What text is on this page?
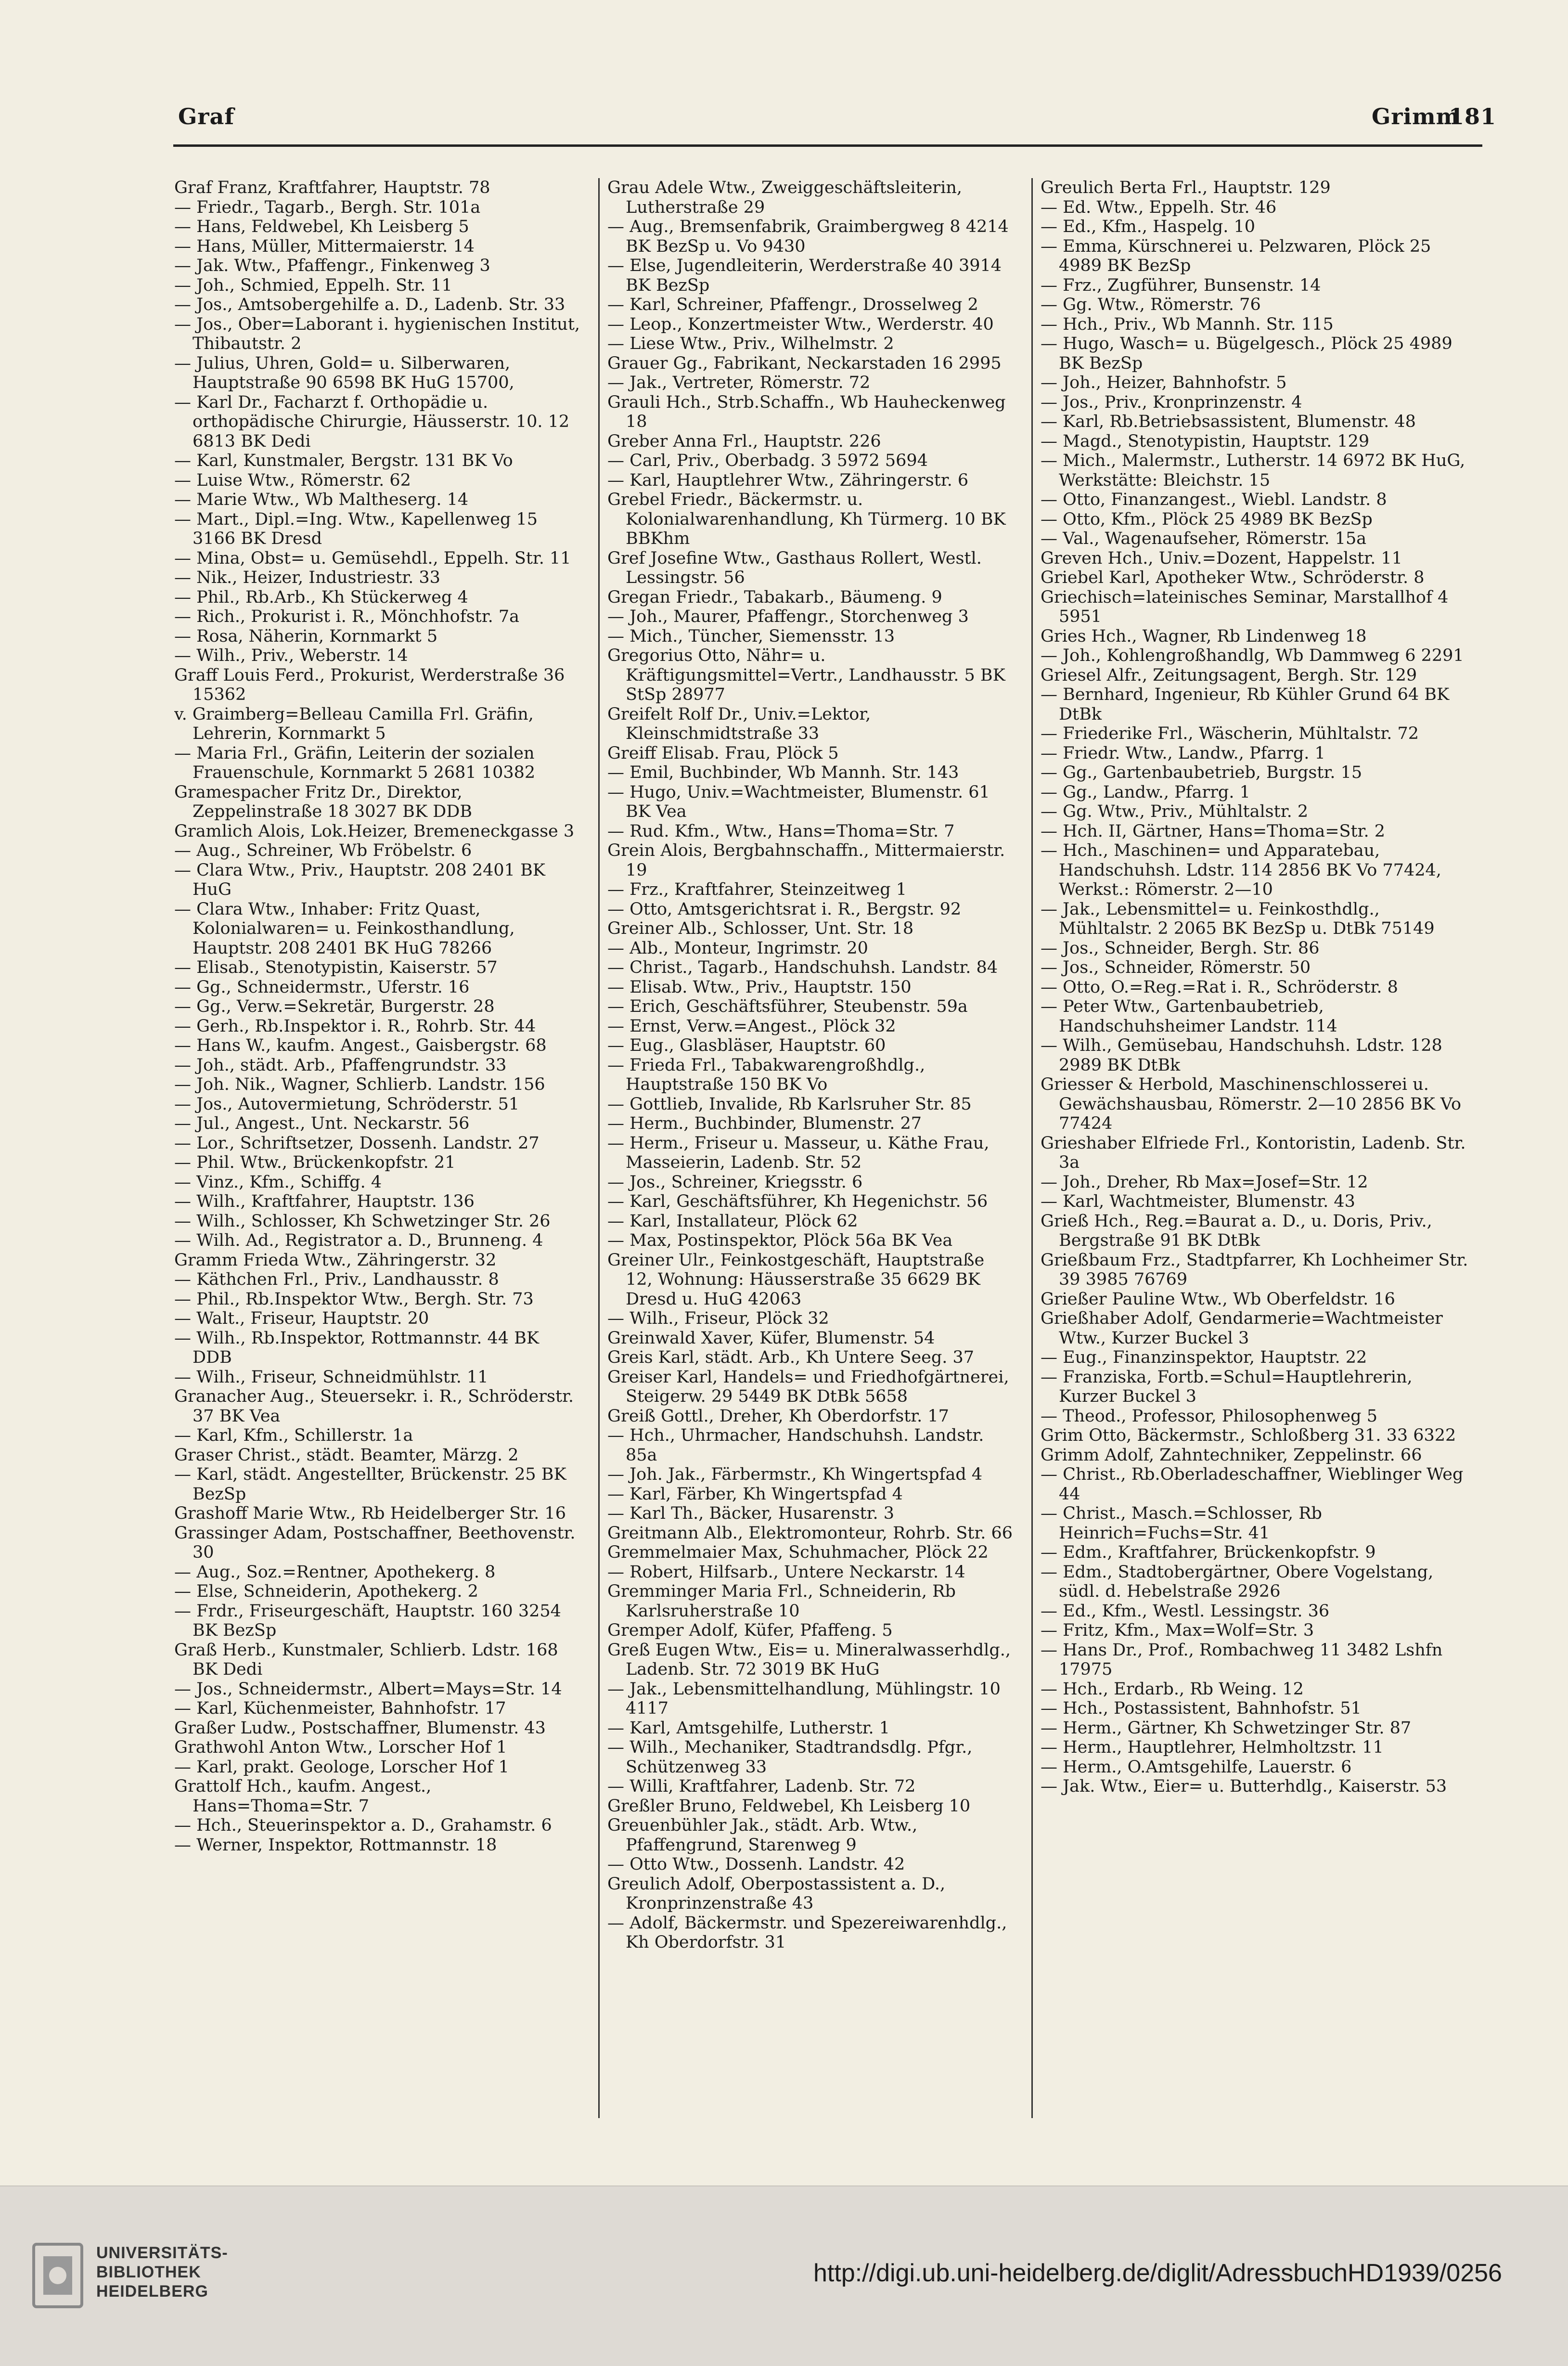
Graf	Grimm
181

Graf Franz, Kraftfahrer, Hauptstr. 78

— Friedr., Tagarb., Bergh. Str. 101a

— Hans, Feldwebel, Kh Leisberg 5

— Hans, Müller, Mittermaierstr. 14

— Jak. Wtw., Pfaffengr., Finkenweg 3

— Joh., Schmied, Eppelh. Str. 11

— Jos., Amtsobergehilfe a. D., Ladenb. Str. 33

— Jos., Ober=Laborant i. hygienischen Institut, Thibautstr. 2

— Julius, Uhren, Gold= u. Silberwaren, Hauptstraße 90 6598 BK HuG 15700,

— Karl Dr., Facharzt f. Orthopädie u. orthopädische Chirurgie, Häusserstr. 10. 12 6813 BK Dedi

— Karl, Kunstmaler, Bergstr. 131 BK Vo

— Luise Wtw., Römerstr. 62

— Marie Wtw., Wb Maltheserg. 14

— Mart., Dipl.=Ing. Wtw., Kapellenweg 15 3166 BK Dresd

— Mina, Obst= u. Gemüsehdl., Eppelh. Str. 11

— Nik., Heizer, Industriestr. 33

— Phil., Rb.Arb., Kh Stückerweg 4

— Rich., Prokurist i. R., Mönchhofstr. 7a

— Rosa, Näherin, Kornmarkt 5

— Wilh., Priv., Weberstr. 14

Graff Louis Ferd., Prokurist, Werderstraße 36 15362

v. Graimberg=Belleau Camilla Frl. Gräfin, Lehrerin, Kornmarkt 5

— Maria Frl., Gräfin, Leiterin der sozialen Frauenschule, Kornmarkt 5 2681 10382

Gramespacher Fritz Dr., Direktor, Zeppelinstraße 18 3027 BK DDB

Gramlich Alois, Lok.Heizer, Bremeneckgasse 3

— Aug., Schreiner, Wb Fröbelstr. 6

— Clara Wtw., Priv., Hauptstr. 208 2401 BK HuG

— Clara Wtw., Inhaber: Fritz Quast, Kolonialwaren= u. Feinkosthandlung, Hauptstr. 208 2401 BK HuG 78266

— Elisab., Stenotypistin, Kaiserstr. 57

— Gg., Schneidermstr., Uferstr. 16

— Gg., Verw.=Sekretär, Burgerstr. 28

— Gerh., Rb.Inspektor i. R., Rohrb. Str. 44

— Hans W., kaufm. Angest., Gaisbergstr. 68

— Joh., städt. Arb., Pfaffengrundstr. 33

— Joh. Nik., Wagner, Schlierb. Landstr. 156

— Jos., Autovermietung, Schröderstr. 51

— Jul., Angest., Unt. Neckarstr. 56

— Lor., Schriftsetzer, Dossenh. Landstr. 27

— Phil. Wtw., Brückenkopfstr. 21

— Vinz., Kfm., Schiffg. 4

— Wilh., Kraftfahrer, Hauptstr. 136

— Wilh., Schlosser, Kh Schwetzinger Str. 26

— Wilh. Ad., Registrator a. D., Brunneng. 4

Gramm Frieda Wtw., Zähringerstr. 32

— Käthchen Frl., Priv., Landhausstr. 8

— Phil., Rb.Inspektor Wtw., Bergh. Str. 73

— Walt., Friseur, Hauptstr. 20

— Wilh., Rb.Inspektor, Rottmannstr. 44 BK DDB

— Wilh., Friseur, Schneidmühlstr. 11

Granacher Aug., Steuersekr. i. R., Schröderstr. 37 BK Vea

— Karl, Kfm., Schillerstr. 1a

Graser Christ., städt. Beamter, Märzg. 2

— Karl, städt. Angestellter, Brückenstr. 25 BK BezSp

Grashoff Marie Wtw., Rb Heidelberger Str. 16

Grassinger Adam, Postschaffner, Beethovenstr. 30

— Aug., Soz.=Rentner, Apothekerg. 8

— Else, Schneiderin, Apothekerg. 2

— Frdr., Friseurgeschäft, Hauptstr. 160 3254 BK BezSp

Graß Herb., Kunstmaler, Schlierb. Ldstr. 168 BK Dedi

— Jos., Schneidermstr., Albert=Mays=Str. 14

— Karl, Küchenmeister, Bahnhofstr. 17

Graßer Ludw., Postschaffner, Blumenstr. 43

Grathwohl Anton Wtw., Lorscher Hof 1

— Karl, prakt. Geologe, Lorscher Hof 1

Grattolf Hch., kaufm. Angest., Hans=Thoma=Str. 7

— Hch., Steuerinspektor a. D., Grahamstr. 6

— Werner, Inspektor, Rottmannstr. 18

Grau Adele Wtw., Zweiggeschäftsleiterin, Lutherstraße 29

— Aug., Bremsenfabrik, Graimbergweg 8 4214 BK BezSp u. Vo 9430

— Else, Jugendleiterin, Werderstraße 40 3914 BK BezSp

— Karl, Schreiner, Pfaffengr., Drosselweg 2

— Leop., Konzertmeister Wtw., Werderstr. 40

— Liese Wtw., Priv., Wilhelmstr. 2

Grauer Gg., Fabrikant, Neckarstaden 16 2995

— Jak., Vertreter, Römerstr. 72

Grauli Hch., Strb.Schaffn., Wb Hauheckenweg 18

Greber Anna Frl., Hauptstr. 226

— Carl, Priv., Oberbadg. 3 5972 5694

— Karl, Hauptlehrer Wtw., Zähringerstr. 6

Grebel Friedr., Bäckermstr. u. Kolonialwarenhandlung, Kh Türmerg. 10 BK BBKhm

Gref Josefine Wtw., Gasthaus Rollert, Westl. Lessingstr. 56

Gregan Friedr., Tabakarb., Bäumeng. 9

— Joh., Maurer, Pfaffengr., Storchenweg 3

— Mich., Tüncher, Siemensstr. 13

Gregorius Otto, Nähr= u. Kräftigungsmittel=Vertr., Landhausstr. 5 BK StSp 28977

Greifelt Rolf Dr., Univ.=Lektor, Kleinschmidtstraße 33

Greiff Elisab. Frau, Plöck 5

— Emil, Buchbinder, Wb Mannh. Str. 143

— Hugo, Univ.=Wachtmeister, Blumenstr. 61 BK Vea

— Rud. Kfm., Wtw., Hans=Thoma=Str. 7

Grein Alois, Bergbahnschaffn., Mittermaierstr. 19

— Frz., Kraftfahrer, Steinzeitweg 1

— Otto, Amtsgerichtsrat i. R., Bergstr. 92

Greiner Alb., Schlosser, Unt. Str. 18

— Alb., Monteur, Ingrimstr. 20

— Christ., Tagarb., Handschuhsh. Landstr. 84

— Elisab. Wtw., Priv., Hauptstr. 150

— Erich, Geschäftsführer, Steubenstr. 59a

— Ernst, Verw.=Angest., Plöck 32

— Eug., Glasbläser, Hauptstr. 60

— Frieda Frl., Tabakwarengroßhdlg., Hauptstraße 150 BK Vo

— Gottlieb, Invalide, Rb Karlsruher Str. 85

— Herm., Buchbinder, Blumenstr. 27

— Herm., Friseur u. Masseur, u. Käthe Frau, Masseierin, Ladenb. Str. 52

— Jos., Schreiner, Kriegsstr. 6

— Karl, Geschäftsführer, Kh Hegenichstr. 56

— Karl, Installateur, Plöck 62

— Max, Postinspektor, Plöck 56a BK Vea

Greiner Ulr., Feinkostgeschäft, Hauptstraße 12, Wohnung: Häusserstraße 35 6629 BK Dresd u. HuG 42063

— Wilh., Friseur, Plöck 32

Greinwald Xaver, Küfer, Blumenstr. 54

Greis Karl, städt. Arb., Kh Untere Seeg. 37

Greiser Karl, Handels= und Friedhofgärtnerei, Steigerw. 29 5449 BK DtBk 5658

Greiß Gottl., Dreher, Kh Oberdorfstr. 17

— Hch., Uhrmacher, Handschuhsh. Landstr. 85a

— Joh. Jak., Färbermstr., Kh Wingertspfad 4

— Karl, Färber, Kh Wingertspfad 4

— Karl Th., Bäcker, Husarenstr. 3

Greitmann Alb., Elektromonteur, Rohrb. Str. 66

Gremmelmaier Max, Schuhmacher, Plöck 22

— Robert, Hilfsarb., Untere Neckarstr. 14

Gremminger Maria Frl., Schneiderin, Rb Karlsruherstraße 10

Gremper Adolf, Küfer, Pfaffeng. 5

Greß Eugen Wtw., Eis= u. Mineralwasserhdlg., Ladenb. Str. 72 3019 BK HuG

— Jak., Lebensmittelhandlung, Mühlingstr. 10 4117

— Karl, Amtsgehilfe, Lutherstr. 1

— Wilh., Mechaniker, Stadtrandsdlg. Pfgr., Schützenweg 33

— Willi, Kraftfahrer, Ladenb. Str. 72

Greßler Bruno, Feldwebel, Kh Leisberg 10

Greuenbühler Jak., städt. Arb. Wtw., Pfaffengrund, Starenweg 9

— Otto Wtw., Dossenh. Landstr. 42

Greulich Adolf, Oberpostassistent a. D., Kronprinzenstraße 43

— Adolf, Bäckermstr. und Spezereiwarenhdlg., Kh Oberdorfstr. 31

Greulich Berta Frl., Hauptstr. 129

— Ed. Wtw., Eppelh. Str. 46

— Ed., Kfm., Haspelg. 10

— Emma, Kürschnerei u. Pelzwaren, Plöck 25 4989 BK BezSp

— Frz., Zugführer, Bunsenstr. 14

— Gg. Wtw., Römerstr. 76

— Hch., Priv., Wb Mannh. Str. 115

— Hugo, Wasch= u. Bügelgesch., Plöck 25 4989 BK BezSp

— Joh., Heizer, Bahnhofstr. 5

— Jos., Priv., Kronprinzenstr. 4

— Karl, Rb.Betriebsassistent, Blumenstr. 48

— Magd., Stenotypistin, Hauptstr. 129

— Mich., Malermstr., Lutherstr. 14 6972 BK HuG, Werkstätte: Bleichstr. 15

— Otto, Finanzangest., Wiebl. Landstr. 8

— Otto, Kfm., Plöck 25 4989 BK BezSp

— Val., Wagenaufseher, Römerstr. 15a

Greven Hch., Univ.=Dozent, Happelstr. 11

Griebel Karl, Apotheker Wtw., Schröderstr. 8

Griechisch=lateinisches Seminar, Marstallhof 4 5951

Gries Hch., Wagner, Rb Lindenweg 18

— Joh., Kohlengroßhandlg, Wb Dammweg 6 2291

Griesel Alfr., Zeitungsagent, Bergh. Str. 129

— Bernhard, Ingenieur, Rb Kühler Grund 64 BK DtBk

— Friederike Frl., Wäscherin, Mühltalstr. 72

— Friedr. Wtw., Landw., Pfarrg. 1

— Gg., Gartenbaubetrieb, Burgstr. 15

— Gg., Landw., Pfarrg. 1

— Gg. Wtw., Priv., Mühltalstr. 2

— Hch. II, Gärtner, Hans=Thoma=Str. 2

— Hch., Maschinen= und Apparatebau, Handschuhsh. Ldstr. 114 2856 BK Vo 77424, Werkst.: Römerstr. 2—10

— Jak., Lebensmittel= u. Feinkosthdlg., Mühltalstr. 2 2065 BK BezSp u. DtBk 75149

— Jos., Schneider, Bergh. Str. 86

— Jos., Schneider, Römerstr. 50

— Otto, O.=Reg.=Rat i. R., Schröderstr. 8

— Peter Wtw., Gartenbaubetrieb, Handschuhsheimer Landstr. 114

— Wilh., Gemüsebau, Handschuhsh. Ldstr. 128 2989 BK DtBk

Griesser & Herbold, Maschinenschlosserei u. Gewächshausbau, Römerstr. 2—10 2856 BK Vo 77424

Grieshaber Elfriede Frl., Kontoristin, Ladenb. Str. 3a

— Joh., Dreher, Rb Max=Josef=Str. 12

— Karl, Wachtmeister, Blumenstr. 43

Grieß Hch., Reg.=Baurat a. D., u. Doris, Priv., Bergstraße 91 BK DtBk

Grießbaum Frz., Stadtpfarrer, Kh Lochheimer Str. 39 3985 76769

Grießer Pauline Wtw., Wb Oberfeldstr. 16

Grießhaber Adolf, Gendarmerie=Wachtmeister Wtw., Kurzer Buckel 3

— Eug., Finanzinspektor, Hauptstr. 22

— Franziska, Fortb.=Schul=Hauptlehrerin, Kurzer Buckel 3

— Theod., Professor, Philosophenweg 5

Grim Otto, Bäckermstr., Schloßberg 31. 33 6322

Grimm Adolf, Zahntechniker, Zeppelinstr. 66

— Christ., Rb.Oberladeschaffner, Wieblinger Weg 44

— Christ., Masch.=Schlosser, Rb Heinrich=Fuchs=Str. 41

— Edm., Kraftfahrer, Brückenkopfstr. 9

— Edm., Stadtobergärtner, Obere Vogelstang, südl. d. Hebelstraße 2926

— Ed., Kfm., Westl. Lessingstr. 36

— Fritz, Kfm., Max=Wolf=Str. 3

— Hans Dr., Prof., Rombachweg 11 3482 Lshfn 17975

— Hch., Erdarb., Rb Weing. 12

— Hch., Postassistent, Bahnhofstr. 51

— Herm., Gärtner, Kh Schwetzinger Str. 87

— Herm., Hauptlehrer, Helmholtzstr. 11

— Herm., O.Amtsgehilfe, Lauerstr. 6

— Jak. Wtw., Eier= u. Butterhdlg., Kaiserstr. 53

UNIVERSITÄTS-
BIBLIOTHEK
HEIDELBERG
http://digi.ub.uni-heidelberg.de/diglit/AdressbuchHD1939/0256
